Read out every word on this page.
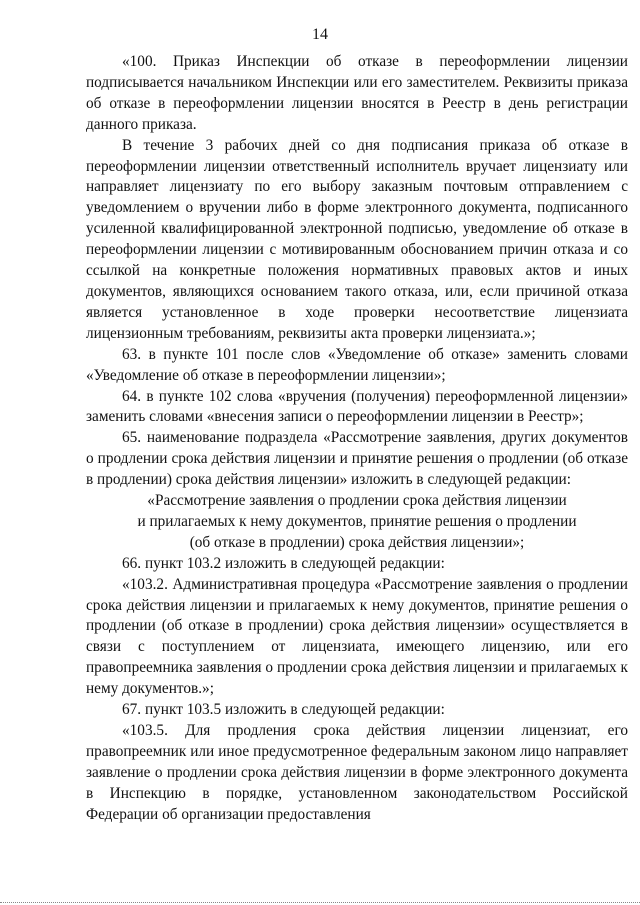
14

«100. Приказ Инспекции об отказе в переоформлении лицензии подписывается начальником Инспекции или его заместителем. Реквизиты приказа об отказе в переоформлении лицензии вносятся в Реестр в день регистрации данного приказа.

В течение 3 рабочих дней со дня подписания приказа об отказе в переоформлении лицензии ответственный исполнитель вручает лицензиату или направляет лицензиату по его выбору заказным почтовым отправлением с уведомлением о вручении либо в форме электронного документа, подписанного усиленной квалифицированной электронной подписью, уведомление об отказе в переоформлении лицензии с мотивированным обоснованием причин отказа и со ссылкой на конкретные положения нормативных правовых актов и иных документов, являющихся основанием такого отказа, или, если причиной отказа является установленное в ходе проверки несоответствие лицензиата лицензионным требованиям, реквизиты акта проверки лицензиата.»;

63. в пункте 101 после слов «Уведомление об отказе» заменить словами «Уведомление об отказе в переоформлении лицензии»;

64. в пункте 102 слова «вручения (получения) переоформленной лицензии» заменить словами «внесения записи о переоформлении лицензии в Реестр»;

65. наименование подраздела «Рассмотрение заявления, других документов о продлении срока действия лицензии и принятие решения о продлении (об отказе в продлении) срока действия лицензии» изложить в следующей редакции:

«Рассмотрение заявления о продлении срока действия лицензии

и прилагаемых к нему документов, принятие решения о продлении

(об отказе в продлении) срока действия лицензии»;

66. пункт 103.2 изложить в следующей редакции:

«103.2. Административная процедура «Рассмотрение заявления о продлении срока действия лицензии и прилагаемых к нему документов, принятие решения о продлении (об отказе в продлении) срока действия лицензии» осуществляется в связи с поступлением от лицензиата, имеющего лицензию, или его правопреемника заявления о продлении срока действия лицензии и прилагаемых к нему документов.»;

67. пункт 103.5 изложить в следующей редакции:

«103.5. Для продления срока действия лицензии лицензиат, его правопреемник или иное предусмотренное федеральным законом лицо направляет заявление о продлении срока действия лицензии в форме электронного документа в Инспекцию в порядке, установленном законодательством Российской Федерации об организации предоставления
